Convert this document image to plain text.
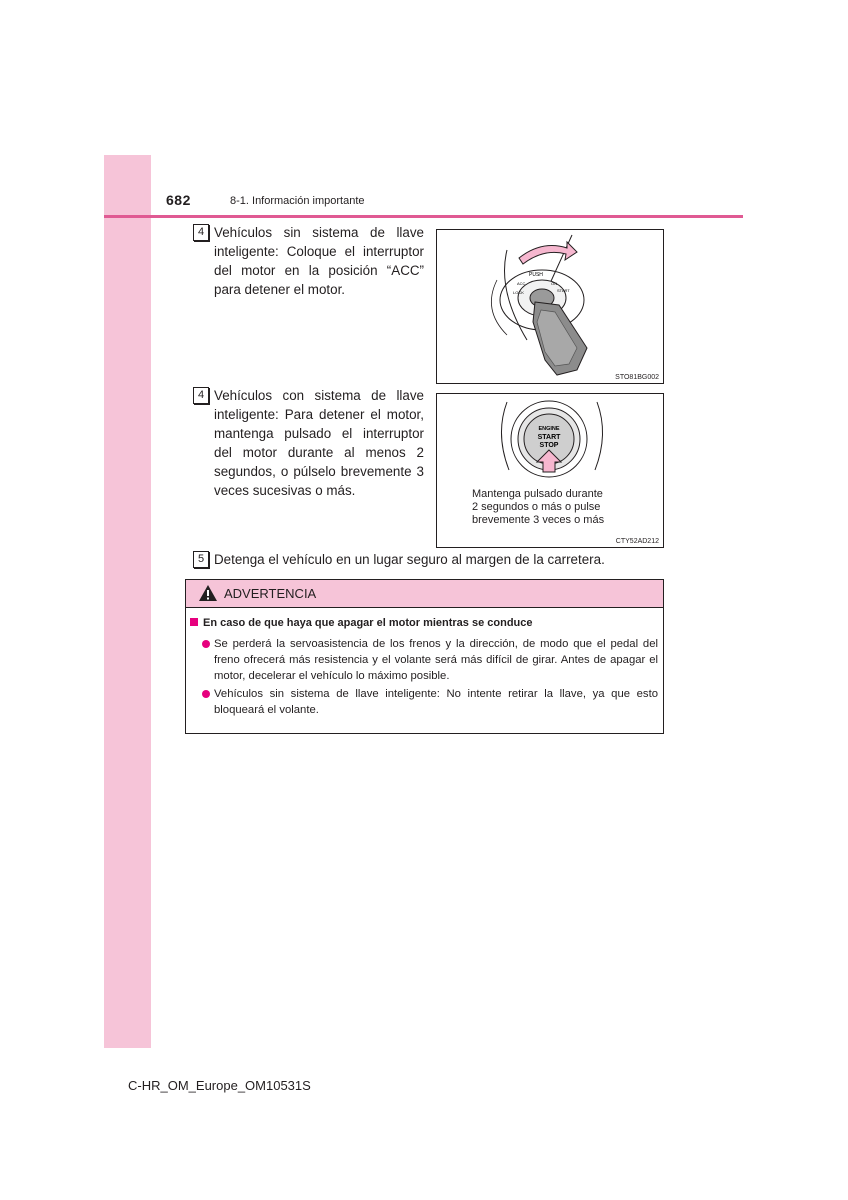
682	8-1. Información importante
4 Vehículos sin sistema de llave inteligente: Coloque el interruptor del motor en la posición “ACC” para detener el motor.
PUSH
ACC	ON
START
LOCK
STO81BG002
4 Vehículos con sistema de llave inteligente: Para detener el motor, mantenga pulsado el interruptor del motor durante al menos 2 segundos, o púlselo brevemente 3 veces sucesivas o más.
ENGINE
START
STOP
Mantenga pulsado durante
2 segundos o más o pulse
brevemente 3 veces o más
CTY52AD212
5 Detenga el vehículo en un lugar seguro al margen de la carretera.
ADVERTENCIA
En caso de que haya que apagar el motor mientras se conduce
Se perderá la servoasistencia de los frenos y la dirección, de modo que el pedal del freno ofrecerá más resistencia y el volante será más difícil de girar. Antes de apagar el motor, decelerar el vehículo lo máximo posible.
Vehículos sin sistema de llave inteligente: No intente retirar la llave, ya que esto bloqueará el volante.
C-HR_OM_Europe_OM10531S
